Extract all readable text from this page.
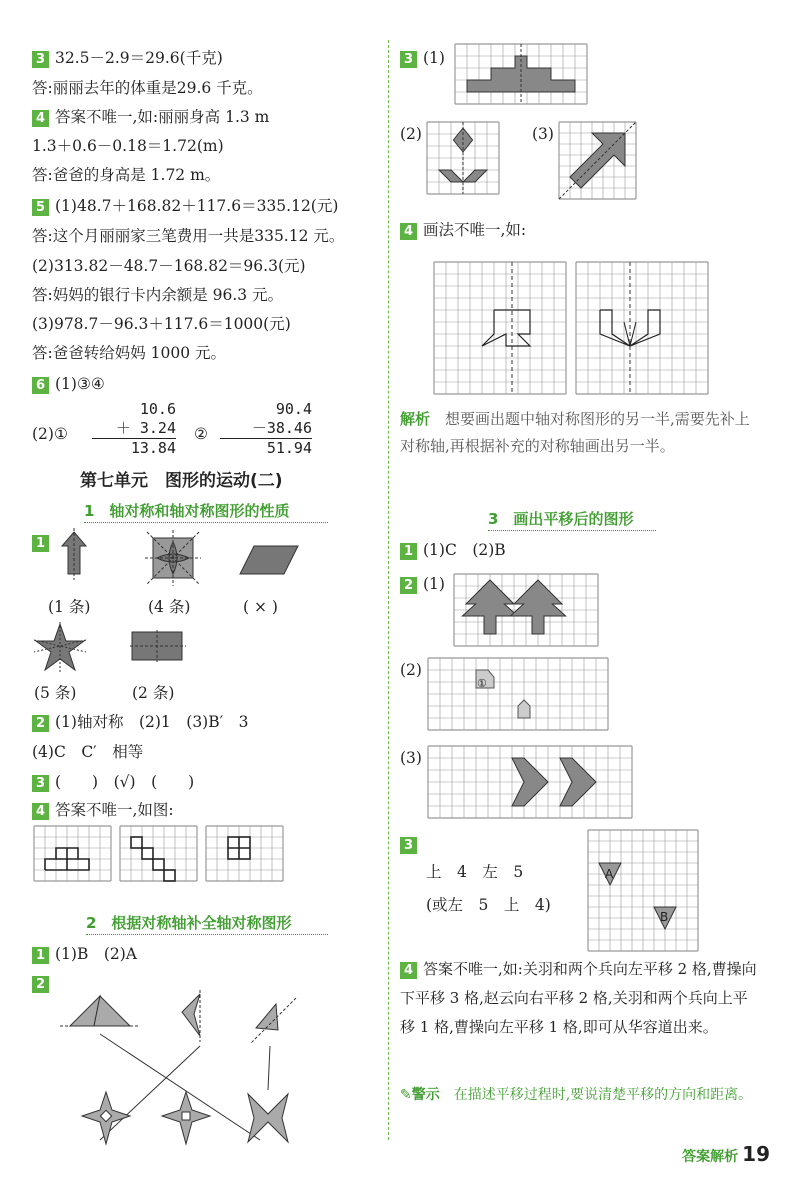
3 32.5－2.9＝29.6(千克)
答:丽丽去年的体重是29.6 千克。
4 答案不唯一,如:丽丽身高 1.3 m
1.3＋0.6－0.18＝1.72(m)
答:爸爸的身高是 1.72 m。
5 (1)48.7＋168.82＋117.6＝335.12(元)
答:这个月丽丽家三笔费用一共是335.12 元。
(2)313.82－48.7－168.82＝96.3(元)
答:妈妈的银行卡内余额是 96.3 元。
(3)978.7－96.3＋117.6＝1000(元)
答:爸爸转给妈妈 1000 元。
6 (1)③④
(2)①
10.6
＋ 3.24
13.84
②
90.4
－38.46
51.94
第七单元　图形的运动(二)
1　轴对称和轴对称图形的性质
1
(1 条)	(4 条)	( × )
(5 条)	(2 条)
2 (1)轴对称　(2)1　(3)B′　3
(4)C　C′　相等
3 (　　)　(√)　(　　)
4 答案不唯一,如图:
2　根据对称轴补全轴对称图形
1 (1)B　(2)A
2
3 (1)
(2)	(3)
4 画法不唯一,如:
解析　 想要画出题中轴对称图形的另一半,需要先补上对称轴,再根据补充的对称轴画出另一半。
3　画出平移后的图形
1 (1)C　(2)B
2 (1)
(2)
①
(3)
3
上　4　左　5
(或左　5　上　4)
A
B
4 答案不唯一,如:关羽和两个兵向左平移 2 格,曹操向下平移 3 格,赵云向右平移 2 格,关羽和两个兵向上平移 1 格,曹操向左平移 1 格,即可从华容道出来。
✎警示　 在描述平移过程时,要说清楚平移的方向和距离。
答案解析 19
